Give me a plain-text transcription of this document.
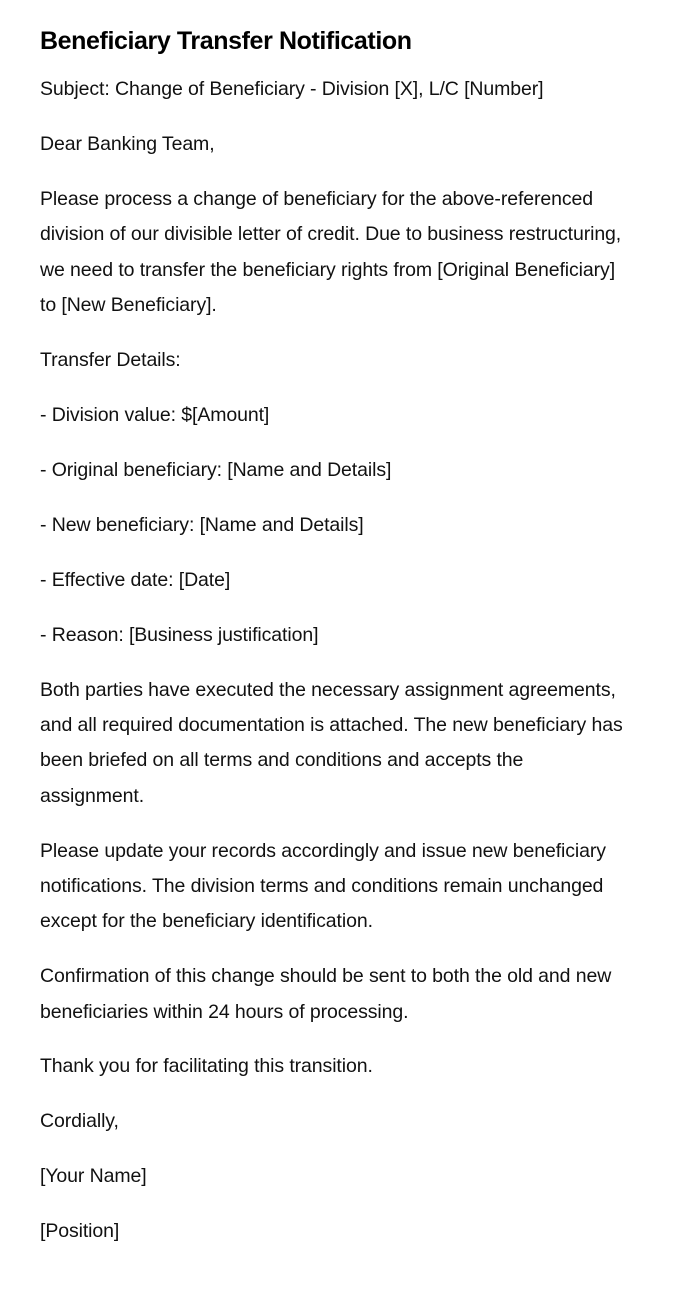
Beneficiary Transfer Notification

Subject: Change of Beneficiary - Division [X], L/C [Number]

Dear Banking Team,

Please process a change of beneficiary for the above-referenced division of our divisible letter of credit. Due to business restructuring, we need to transfer the beneficiary rights from [Original Beneficiary] to [New Beneficiary].

Transfer Details:

- Division value: $[Amount]

- Original beneficiary: [Name and Details]

- New beneficiary: [Name and Details]

- Effective date: [Date]

- Reason: [Business justification]

Both parties have executed the necessary assignment agreements, and all required documentation is attached. The new beneficiary has been briefed on all terms and conditions and accepts the assignment.

Please update your records accordingly and issue new beneficiary notifications. The division terms and conditions remain unchanged except for the beneficiary identification.

Confirmation of this change should be sent to both the old and new beneficiaries within 24 hours of processing.

Thank you for facilitating this transition.

Cordially,

[Your Name]

[Position]
